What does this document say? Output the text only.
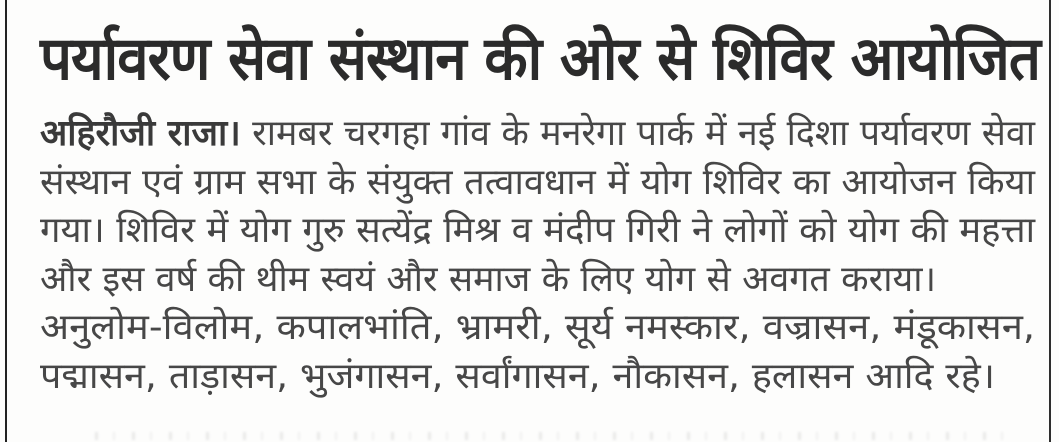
पर्यावरण सेवा संस्थान की ओर से शिविर आयोजित
अहिरौजी राजा। रामबर चरगहा गांव के मनरेगा पार्क में नई दिशा पर्यावरण सेवा
संस्थान एवं ग्राम सभा के संयुक्त तत्वावधान में योग शिविर का आयोजन किया
गया। शिविर में योग गुरु सत्येंद्र मिश्र व मंदीप गिरी ने लोगों को योग की महत्ता
और इस वर्ष की थीम स्वयं और समाज के लिए योग से अवगत कराया।
अनुलोम-विलोम, कपालभांति, भ्रामरी, सूर्य नमस्कार, वज्रासन, मंडूकासन,
पद्मासन, ताड़ासन, भुजंगासन, सर्वांगासन, नौकासन, हलासन आदि रहे।
